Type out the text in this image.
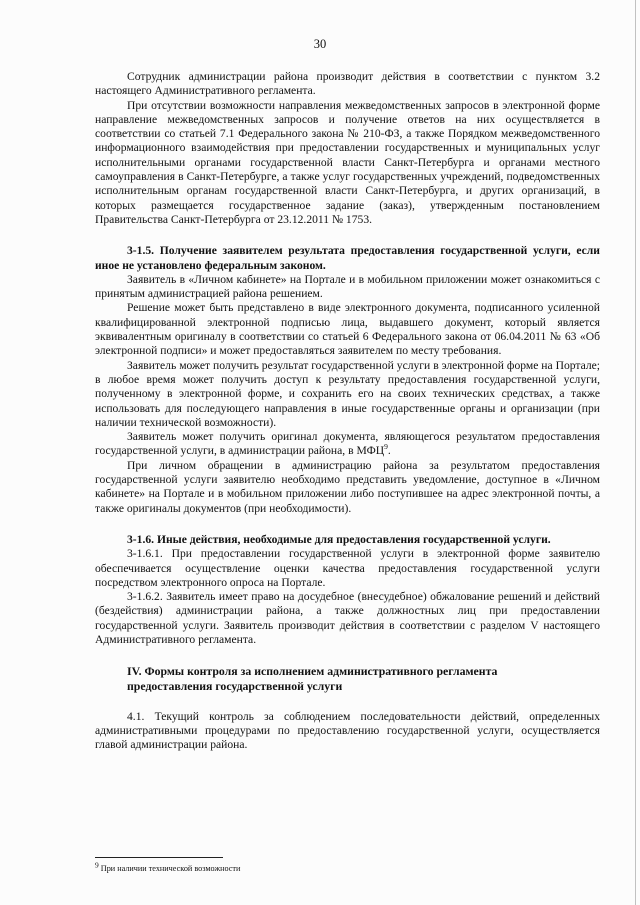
30

Сотрудник администрации района производит действия в соответствии с пунктом 3.2 настоящего Административного регламента.

При отсутствии возможности направления межведомственных запросов в электронной форме направление межведомственных запросов и получение ответов на них осуществляется в соответствии со статьей 7.1 Федерального закона № 210-ФЗ, а также Порядком межведомственного информационного взаимодействия при предоставлении государственных и муниципальных услуг исполнительными органами государственной власти Санкт-Петербурга и органами местного самоуправления в Санкт-Петербурге, а также услуг государственных учреждений, подведомственных исполнительным органам государственной власти Санкт-Петербурга, и других организаций, в которых размещается государственное задание (заказ), утвержденным постановлением Правительства Санкт-Петербурга от 23.12.2011 № 1753.

3-1.5. Получение заявителем результата предоставления государственной услуги, если иное не установлено федеральным законом.

Заявитель в «Личном кабинете» на Портале и в мобильном приложении может ознакомиться с принятым администрацией района решением.

Решение может быть представлено в виде электронного документа, подписанного усиленной квалифицированной электронной подписью лица, выдавшего документ, который является эквивалентным оригиналу в соответствии со статьей 6 Федерального закона от 06.04.2011 № 63 «Об электронной подписи» и может предоставляться заявителем по месту требования.

Заявитель может получить результат государственной услуги в электронной форме на Портале; в любое время может получить доступ к результату предоставления государственной услуги, полученному в электронной форме, и сохранить его на своих технических средствах, а также использовать для последующего направления в иные государственные органы и организации (при наличии технической возможности).

Заявитель может получить оригинал документа, являющегося результатом предоставления государственной услуги, в администрации района, в МФЦ$^9$.

При личном обращении в администрацию района за результатом предоставления государственной услуги заявителю необходимо представить уведомление, доступное в «Личном кабинете» на Портале и в мобильном приложении либо поступившее на адрес электронной почты, а также оригиналы документов (при необходимости).

3-1.6. Иные действия, необходимые для предоставления государственной услуги.

3-1.6.1. При предоставлении государственной услуги в электронной форме заявителю обеспечивается осуществление оценки качества предоставления государственной услуги посредством электронного опроса на Портале.

3-1.6.2. Заявитель имеет право на досудебное (внесудебное) обжалование решений и действий (бездействия) администрации района, а также должностных лиц при предоставлении государственной услуги. Заявитель производит действия в соответствии с разделом V настоящего Административного регламента.

IV. Формы контроля за исполнением административного регламента

предоставления государственной услуги

4.1. Текущий контроль за соблюдением последовательности действий, определенных административными процедурами по предоставлению государственной услуги, осуществляется главой администрации района.

$^9$ При наличии технической возможности
